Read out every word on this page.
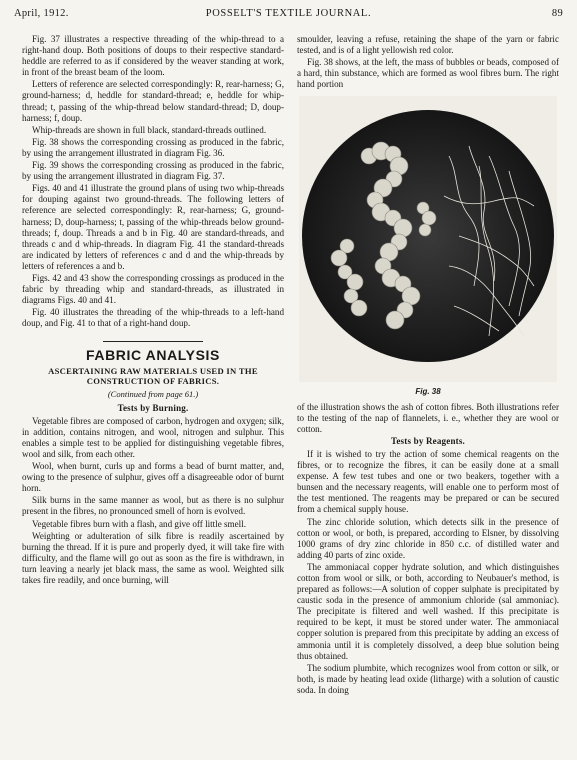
April, 1912.	POSSELT'S TEXTILE JOURNAL.	89

Fig. 37 illustrates a respective threading of the whip-thread to a right-hand doup. Both positions of doups to their respective standard-heddle are referred to as if considered by the weaver standing at work, in front of the breast beam of the loom.

Letters of reference are selected correspondingly: R, rear-harness; G, ground-harness; d, heddle for standard-thread; e, heddle for whip-thread; t, passing of the whip-thread below standard-thread; D, doup-harness; f, doup.

Whip-threads are shown in full black, standard-threads outlined.

Fig. 38 shows the corresponding crossing as produced in the fabric, by using the arrangement illustrated in diagram Fig. 36.

Fig. 39 shows the corresponding crossing as produced in the fabric, by using the arrangement illustrated in diagram Fig. 37.

Figs. 40 and 41 illustrate the ground plans of using two whip-threads for douping against two ground-threads. The following letters of reference are selected correspondingly: R, rear-harness; G, ground-harness; D, doup-harness; t, passing of the whip-threads below ground-threads; f, doup. Threads a and b in Fig. 40 are standard-threads, and threads c and d whip-threads. In diagram Fig. 41 the standard-threads are indicated by letters of references c and d and the whip-threads by letters of references a and b.

Figs. 42 and 43 show the corresponding crossings as produced in the fabric by threading whip and standard-threads, as illustrated in diagrams Figs. 40 and 41.

Fig. 40 illustrates the threading of the whip-threads to a left-hand doup, and Fig. 41 to that of a right-hand doup.

FABRIC ANALYSIS
ASCERTAINING RAW MATERIALS USED IN THE CONSTRUCTION OF FABRICS.
(Continued from page 61.)
Tests by Burning.

Vegetable fibres are composed of carbon, hydrogen and oxygen; silk, in addition, contains nitrogen, and wool, nitrogen and sulphur. This enables a simple test to be applied for distinguishing vegetable fibres, wool and silk, from each other.

Wool, when burnt, curls up and forms a bead of burnt matter, and, owing to the presence of sulphur, gives off a disagreeable odor of burnt horn.

Silk burns in the same manner as wool, but as there is no sulphur present in the fibres, no pronounced smell of horn is evolved.

Vegetable fibres burn with a flash, and give off little smell.

Weighting or adulteration of silk fibre is readily ascertained by burning the thread. If it is pure and properly dyed, it will take fire with difficulty, and the flame will go out as soon as the fire is withdrawn, in turn leaving a nearly jet black mass, the same as wool. Weighted silk takes fire readily, and once burning, will

smoulder, leaving a refuse, retaining the shape of the yarn or fabric tested, and is of a light yellowish red color.

Fig. 38 shows, at the left, the mass of bubbles or beads, composed of a hard, thin substance, which are formed as wool fibres burn. The right hand portion

Fig. 38

of the illustration shows the ash of cotton fibres. Both illustrations refer to the testing of the nap of flannelets, i. e., whether they are wool or cotton.

Tests by Reagents.

If it is wished to try the action of some chemical reagents on the fibres, or to recognize the fibres, it can be easily done at a small expense. A few test tubes and one or two beakers, together with a bunsen and the necessary reagents, will enable one to perform most of the test mentioned. The reagents may be prepared or can be secured from a chemical supply house.

The zinc chloride solution, which detects silk in the presence of cotton or wool, or both, is prepared, according to Elsner, by dissolving 1000 grams of dry zinc chloride in 850 c.c. of distilled water and adding 40 parts of zinc oxide.

The ammoniacal copper hydrate solution, and which distinguishes cotton from wool or silk, or both, according to Neubauer's method, is prepared as follows:—A solution of copper sulphate is precipitated by caustic soda in the presence of ammonium chloride (sal ammoniac). The precipitate is filtered and well washed. If this precipitate is required to be kept, it must be stored under water. The ammoniacal copper solution is prepared from this precipitate by adding an excess of ammonia until it is completely dissolved, a deep blue solution being thus obtained.

The sodium plumbite, which recognizes wool from cotton or silk, or both, is made by heating lead oxide (litharge) with a solution of caustic soda. In doing
